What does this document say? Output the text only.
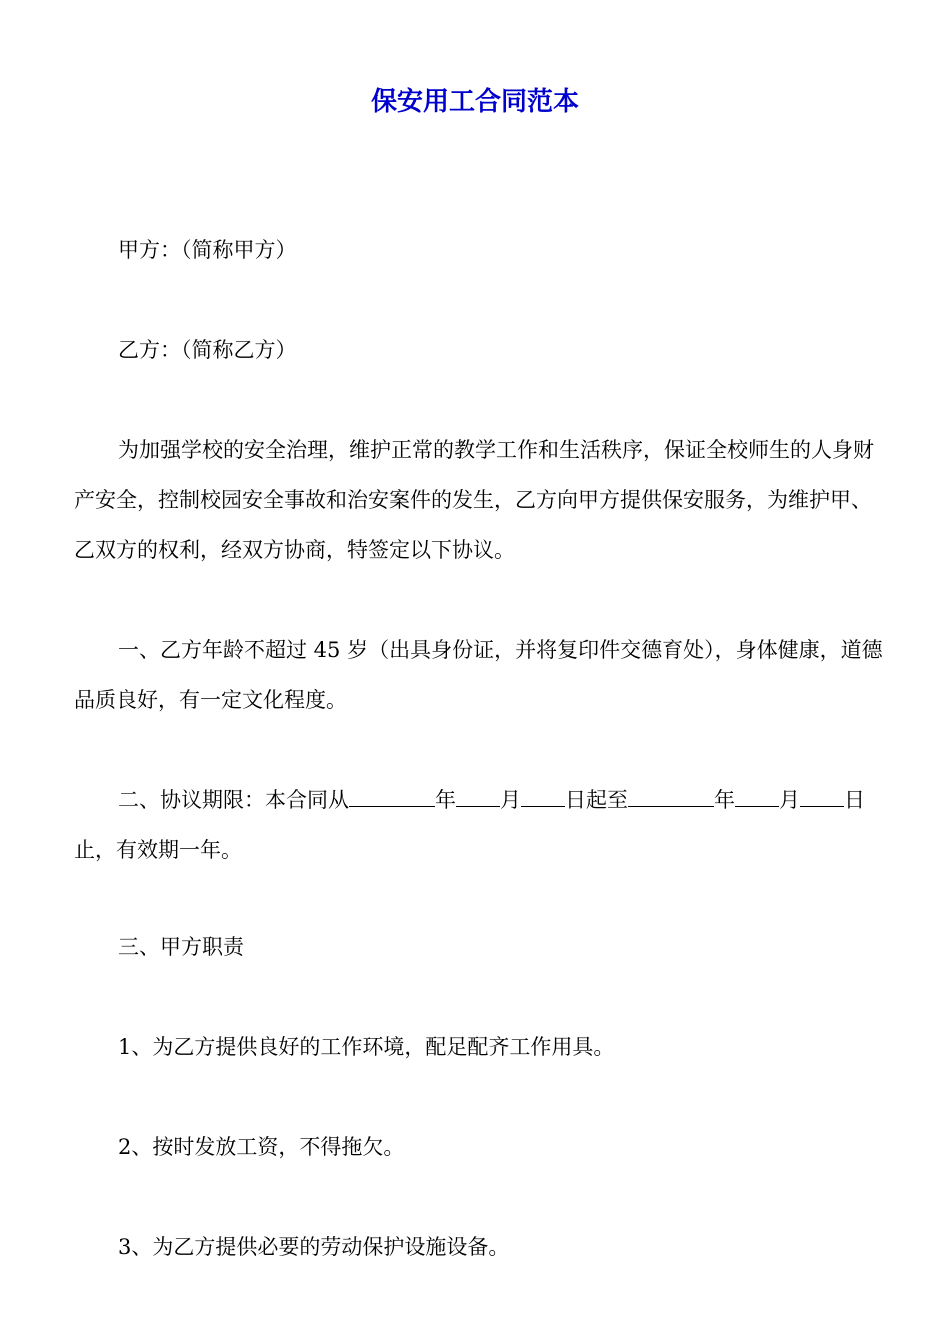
保安用工合同范本

甲方：（简称甲方）

乙方：（简称乙方）

为加强学校的安全治理，维护正常的教学工作和生活秩序，保证全校师生的人身财产安全，控制校园安全事故和治安案件的发生，乙方向甲方提供保安服务，为维护甲、乙双方的权利，经双方协商，特签定以下协议。

一、乙方年龄不超过 45 岁（出具身份证，并将复印件交德育处），身体健康，道德品质良好，有一定文化程度。

二、协议期限：本合同从	年 月 日起至	年 月 日止，有效期一年。

三、甲方职责

1、为乙方提供良好的工作环境，配足配齐工作用具。

2、按时发放工资，不得拖欠。

3、为乙方提供必要的劳动保护设施设备。
